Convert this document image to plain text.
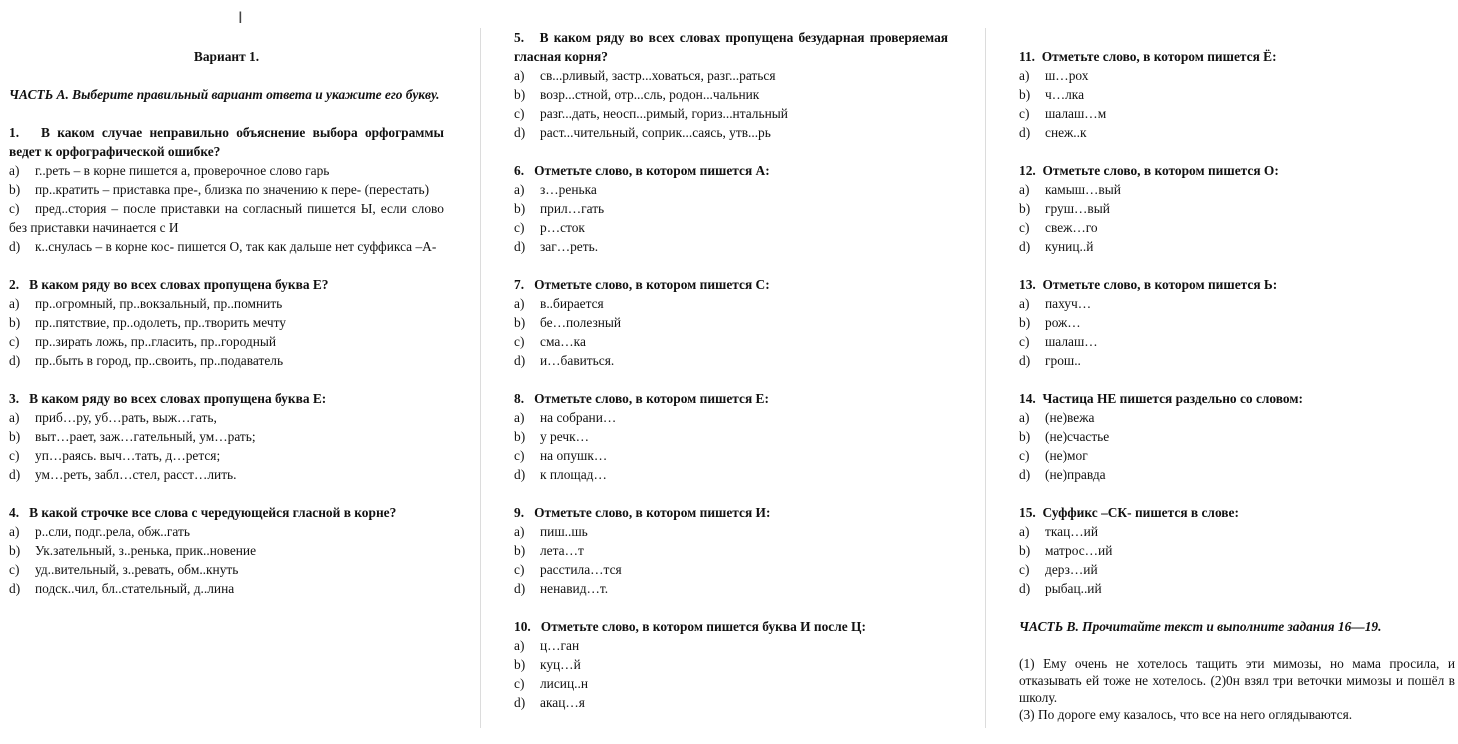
I

Вариант 1.

ЧАСТЬ А. Выберите правильный вариант ответа и укажите его букву.

1. В каком случае неправильно объяснение выбора орфограммы ведет к орфографической ошибке?

a) г..реть – в корне пишется а, проверочное слово гарь

b) пр..кратить – приставка пре-, близка по значению к пере- (перестать)

c) пред..стория – после приставки на согласный пишется Ы, если слово без приставки начинается с И

d) к..снулась – в корне кос- пишется О, так как дальше нет суффикса –А-

2. В каком ряду во всех словах пропущена буква Е?

a) пр..огромный, пр..вокзальный, пр..помнить

b) пр..пятствие, пр..одолеть, пр..творить мечту

c) пр..зирать ложь, пр..гласить, пр..городный

d) пр..быть в город, пр..своить, пр..подаватель

3. В каком ряду во всех словах пропущена буква Е:

a) приб…ру, уб…рать, выж…гать,

b) выт…рает, заж…гательный, ум…рать;

c) уп…раясь. выч…тать, д…рется;

d) ум…реть, забл…стел, расст…лить.

4. В какой строчке все слова с чередующейся гласной в корне?

a) р..сли, подг..рела, обж..гать

b) Ук.зательный, з..ренька, прик..новение

c) уд..вительный, з..ревать, обм..кнуть

d) подск..чил, бл..стательный, д..лина

5. В каком ряду во всех словах пропущена безударная проверяемая гласная корня?

a) св...рливый, застр...ховаться, разг...раться

b) возр...стной, отр...сль, родон...чальник

c) разг...дать, неосп...римый, гориз...нтальный

d) раст...чительный, соприк...саясь, утв...рь

6. Отметьте слово, в котором пишется А:

a) з…ренька

b) прил…гать

c) р…сток

d) заг…реть.

7. Отметьте слово, в котором пишется С:

a) в..бирается

b) бе…полезный

c) сма…ка

d) и…бавиться.

8. Отметьте слово, в котором пишется Е:

a) на собрани…

b) у речк…

c) на опушк…

d) к площад…

9. Отметьте слово, в котором пишется И:

a) пиш..шь

b) лета…т

c) расстила…тся

d) ненавид…т.

10. Отметьте слово, в котором пишется буква И после Ц:

a) ц…ган

b) куц…й

c) лисиц..н

d) акац…я

11. Отметьте слово, в котором пишется Ё:

a) ш…рох

b) ч…лка

c) шалаш…м

d) снеж..к

12. Отметьте слово, в котором пишется О:

a) камыш…вый

b) груш…вый

c) свеж…го

d) куниц..й

13. Отметьте слово, в котором пишется Ь:

a) пахуч…

b) рож…

c) шалаш…

d) грош..

14. Частица НЕ пишется раздельно со словом:

a) (не)вежа

b) (не)счастье

c) (не)мог

d) (не)правда

15. Суффикс –СК- пишется в слове:

a) ткац…ий

b) матрос…ий

c) дерз…ий

d) рыбац..ий

ЧАСТЬ В. Прочитайте текст и выполните задания 16—19.

(1) Ему очень не хотелось тащить эти мимозы, но мама просила, и отказывать ей тоже не хотелось. (2)0н взял три веточки мимозы и пошёл в школу.

(3) По дороге ему казалось, что все на него оглядываются.
